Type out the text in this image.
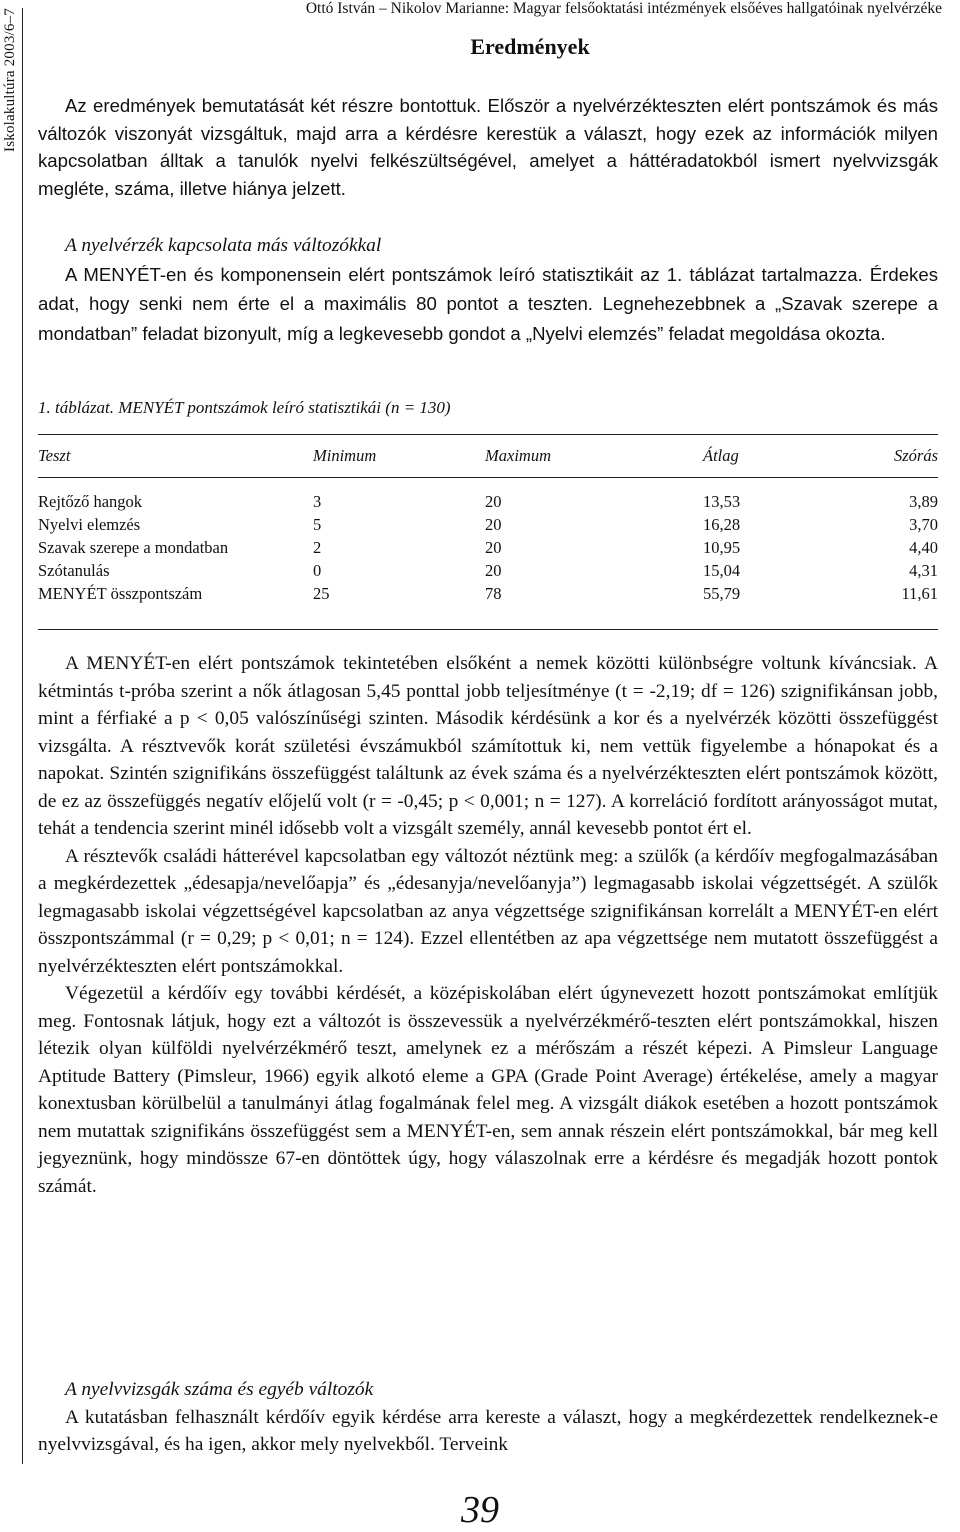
Iskolakultúra 2003/6–7	Ottó István – Nikolov Marianne: Magyar felsőoktatási intézmények elsőéves hallgatóinak nyelvérzéke
Eredmények

Az eredmények bemutatását két részre bontottuk. Először a nyelvérzékteszten elért pontszámok és más változók viszonyát vizsgáltuk, majd arra a kérdésre kerestük a választ, hogy ezek az információk milyen kapcsolatban álltak a tanulók nyelvi felkészültségével, amelyet a háttéradatokból ismert nyelvvizsgák megléte, száma, illetve hiánya jelzett.

A nyelvérzék kapcsolata más változókkal

A MENYÉT-en és komponensein elért pontszámok leíró statisztikáit az 1. táblázat tartalmazza. Érdekes adat, hogy senki nem érte el a maximális 80 pontot a teszten. Legnehezebbnek a „Szavak szerepe a mondatban” feladat bizonyult, míg a legkevesebb gondot a „Nyelvi elemzés” feladat megoldása okozta.

1. táblázat. MENYÉT pontszámok leíró statisztikái (n = 130)

Teszt	Minimum	Maximum	Átlag	Szórás

Rejtőző hangok	3	20	13,53	3,89
Nyelvi elemzés	5	20	16,28	3,70
Szavak szerepe a mondatban	2	20	10,95	4,40
Szótanulás	0	20	15,04	4,31
MENYÉT összpontszám	25	78	55,79	11,61

A MENYÉT-en elért pontszámok tekintetében elsőként a nemek közötti különbségre voltunk kíváncsiak. A kétmintás t-próba szerint a nők átlagosan 5,45 ponttal jobb teljesítménye (t = -2,19; df = 126) szignifikánsan jobb, mint a férfiaké a p < 0,05 valószínűségi szinten. Második kérdésünk a kor és a nyelvérzék közötti összefüggést vizsgálta. A résztvevők korát születési évszámukból számítottuk ki, nem vettük figyelembe a hónapokat és a napokat. Szintén szignifikáns összefüggést találtunk az évek száma és a nyelvérzékteszten elért pontszámok között, de ez az összefüggés negatív előjelű volt (r = -0,45; p < 0,001; n = 127). A korreláció fordított arányosságot mutat, tehát a tendencia szerint minél idősebb volt a vizsgált személy, annál kevesebb pontot ért el.

A résztevők családi hátterével kapcsolatban egy változót néztünk meg: a szülők (a kérdőív megfogalmazásában a megkérdezettek „édesapja/nevelőapja” és „édesanyja/nevelőanyja”) legmagasabb iskolai végzettségét. A szülők legmagasabb iskolai végzettségével kapcsolatban az anya végzettsége szignifikánsan korrelált a MENYÉT-en elért összpontszámmal (r = 0,29; p < 0,01; n = 124). Ezzel ellentétben az apa végzettsége nem mutatott összefüggést a nyelvérzékteszten elért pontszámokkal.

Végezetül a kérdőív egy további kérdését, a középiskolában elért úgynevezett hozott pontszámokat említjük meg. Fontosnak látjuk, hogy ezt a változót is összevessük a nyelvérzékmérő-teszten elért pontszámokkal, hiszen létezik olyan külföldi nyelvérzékmérő teszt, amelynek ez a mérőszám a részét képezi. A Pimsleur Language Aptitude Battery (Pimsleur, 1966) egyik alkotó eleme a GPA (Grade Point Average) értékelése, amely a magyar konextusban körülbelül a tanulmányi átlag fogalmának felel meg. A vizsgált diákok esetében a hozott pontszámok nem mutattak szignifikáns összefüggést sem a MENYÉT-en, sem annak részein elért pontszámokkal, bár meg kell jegyeznünk, hogy mindössze 67-en döntöttek úgy, hogy válaszolnak erre a kérdésre és megadják hozott pontok számát.

A nyelvvizsgák száma és egyéb változók

A kutatásban felhasznált kérdőív egyik kérdése arra kereste a választ, hogy a megkérdezettek rendelkeznek-e nyelvvizsgával, és ha igen, akkor mely nyelvekből. Terveink

39
